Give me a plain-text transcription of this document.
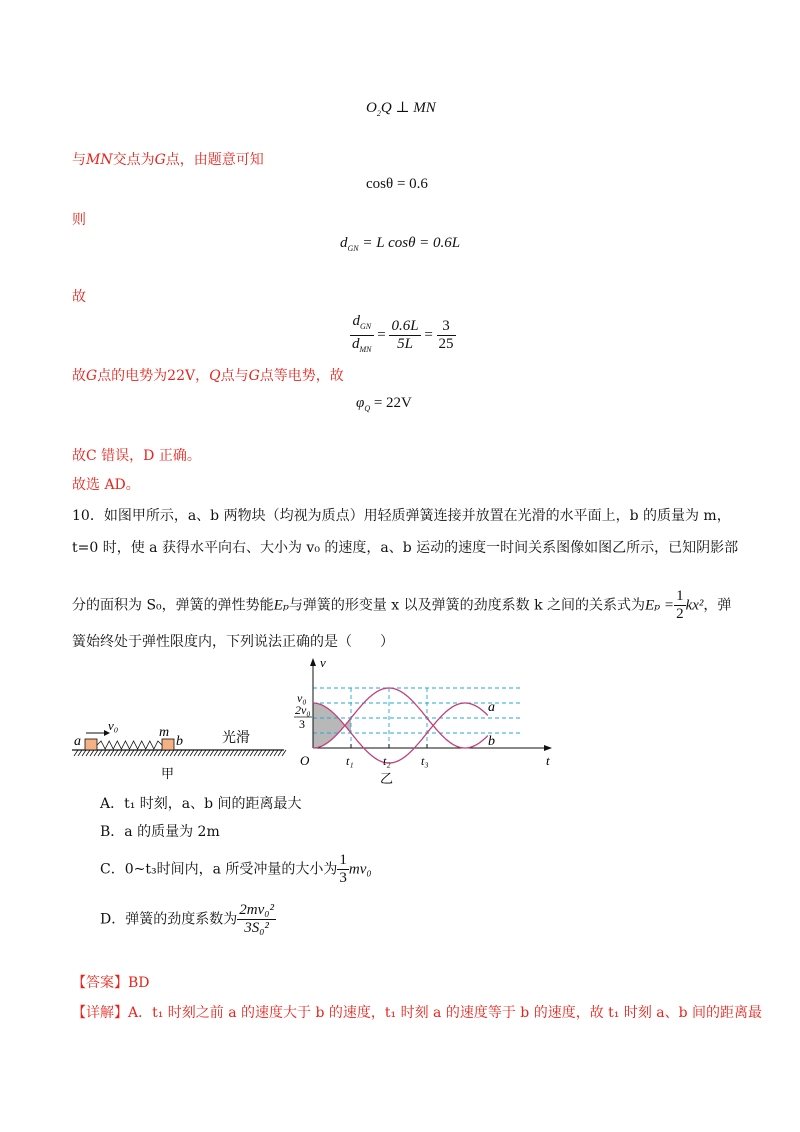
$O_2Q$ ⊥ MN
与MN交点为G点，由题意可知
cosθ = 0.6
则
$d_{GN} = L$ cosθ = 0.6L
故
$\frac{d_{GN}}{d_{MN}} = \frac{0.6L}{5L} = \frac{3}{25}$
故G点的电势为22V，Q点与G点等电势，故
$\varphi_Q = 22V$
故C 错误，D 正确。
故选 AD。
10．如图甲所示，a、b 两物块（均视为质点）用轻质弹簧连接并放置在光滑的水平面上，b 的质量为 m，
t=0 时，使 a 获得水平向右、大小为 v₀ 的速度，a、b 运动的速度一时间关系图像如图乙所示，已知阴影部
分的面积为 S₀，弹簧的弹性势能Eₚ与弹簧的形变量 x 以及弹簧的劲度系数 k 之间的关系式为$E_p = \frac{1}{2} kx^2$，弹
簧始终处于弹性限度内，下列说法正确的是（　　）
a
v₀	m
b	光滑
甲
v
t
O
v₀
2v₀
3
t₁ t₂	t₃
a
b
乙
A．t₁ 时刻，a、b 间的距离最大
B．a 的质量为 2m
C．0~t₃时间内，a 所受冲量的大小为 $\frac{1}{3} mv_0$
D．弹簧的劲度系数为 $\frac{\text{2mv₀²}}{\text{3S₀²}}$
【答案】BD
【详解】A．t₁ 时刻之前 a 的速度大于 b 的速度，t₁ 时刻 a 的速度等于 b 的速度，故 t₁ 时刻 a、b 间的距离最
